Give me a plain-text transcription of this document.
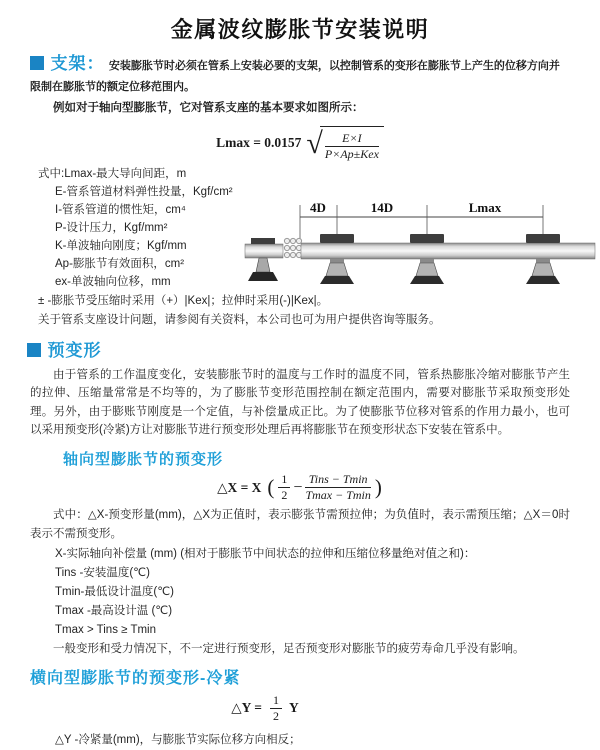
金属波纹膨胀节安装说明

支架： 安装膨胀节时必须在管系上安装必要的支架，以控制管系的变形在膨胀节上产生的位移方向并
限制在膨胀节的额定位移范围内。

例如对于轴向型膨胀节，它对管系支座的基本要求如图所示：

Lmax = 0.0157 √ $\frac{E\times I}{\text{P×Ap±Kex}}$
式中:Lmax-最大导向间距，m
E-管系管道材料弹性投量，Kgf/cm²
I-管系管道的惯性矩，cm⁴
P-设计压力，Kgf/mm²
K-单波轴向刚度；Kgf/mm
Ap-膨胀节有效面积，cm²
ex-单波轴向位移，mm
4D	14D	Lmax

± -膨胀节受压缩时采用（+）|Kex|；拉伸时采用(-)|Kex|。

关于管系支座设计问题，请参阅有关资料，本公司也可为用户提供咨询等服务。

预变形

由于管系的工作温度变化，安装膨胀节时的温度与工作时的温度不同，管系热膨胀冷缩对膨胀节产生的拉伸、压缩量常常是不均等的，为了膨胀节变形范围控制在额定范围内，需要对膨胀节采取预变形处理。另外，由于膨账节刚度是一个定值，与补偿量成正比。为了使膨胀节位移对管系的作用力最小，也可以采用预变形(冷紧)方让对膨胀节进行预变形处理后再将膨胀节在预变形状态下安装在管系中。

轴向型膨胀节的预变形
△X = X ( $\frac{1}{2} - \frac{\text{Tins − Tmin}}{Tmax - Tmin}$ )

式中：△X-预变形量(mm)，△X为正值时，表示膨张节需预拉伸；为负值时，表示需预压缩；△X＝0时表示不需预变形。

X-实际轴向补偿量 (mm) (相对于膨胀节中间状态的拉伸和压缩位移量绝对值之和)：
Tins -安装温度(℃)
Tmin-最低设计温度(℃)
Tmax -最高设计温 (℃)
Tmax > Tins ≥ Tmin

一般变形和受力情况下，不一定进行预变形，足否预变形对膨胀节的疲劳寿命几乎没有影响。

横向型膨胀节的预变形-冷紧
△Y = $\frac{1}{2}$ Y

△Y -冷紧量(mm)，与膨胀节实际位移方向相反；
